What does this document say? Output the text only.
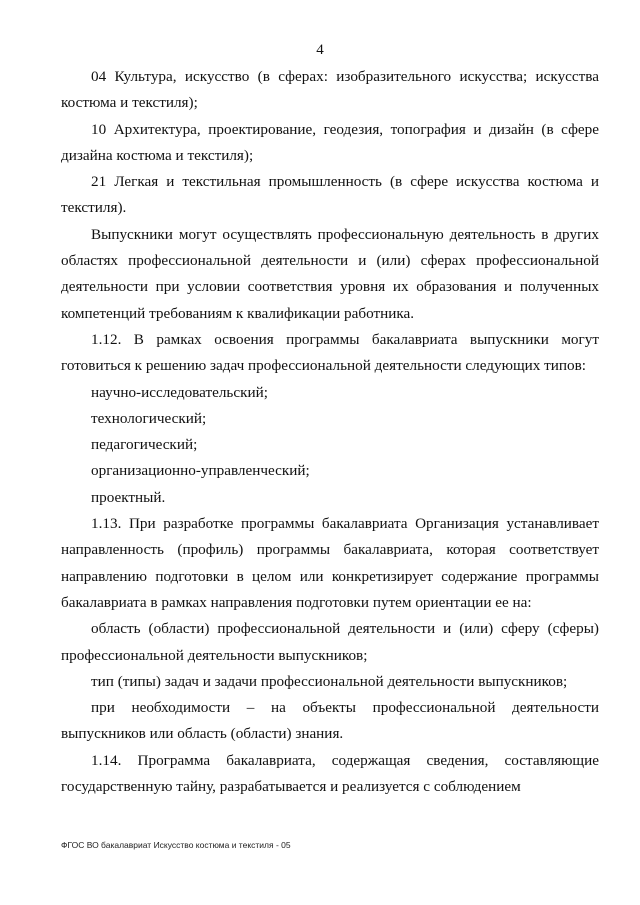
4

04 Культура, искусство (в сферах: изобразительного искусства; искусства костюма и текстиля);

10 Архитектура, проектирование, геодезия, топография и дизайн (в сфере дизайна костюма и текстиля);

21 Легкая и текстильная промышленность (в сфере искусства костюма и текстиля).

Выпускники могут осуществлять профессиональную деятельность в других областях профессиональной деятельности и (или) сферах профессиональной деятельности при условии соответствия уровня их образования и полученных компетенций требованиям к квалификации работника.

1.12. В рамках освоения программы бакалавриата выпускники могут готовиться к решению задач профессиональной деятельности следующих типов:

научно-исследовательский;

технологический;

педагогический;

организационно-управленческий;

проектный.

1.13. При разработке программы бакалавриата Организация устанавливает направленность (профиль) программы бакалавриата, которая соответствует направлению подготовки в целом или конкретизирует содержание программы бакалавриата в рамках направления подготовки путем ориентации ее на:

область (области) профессиональной деятельности и (или) сферу (сферы) профессиональной деятельности выпускников;

тип (типы) задач и задачи профессиональной деятельности выпускников;

при необходимости – на объекты профессиональной деятельности выпускников или область (области) знания.

1.14. Программа бакалавриата, содержащая сведения, составляющие государственную тайну, разрабатывается и реализуется с соблюдением

ФГОС ВО бакалавриат Искусство костюма и текстиля - 05
